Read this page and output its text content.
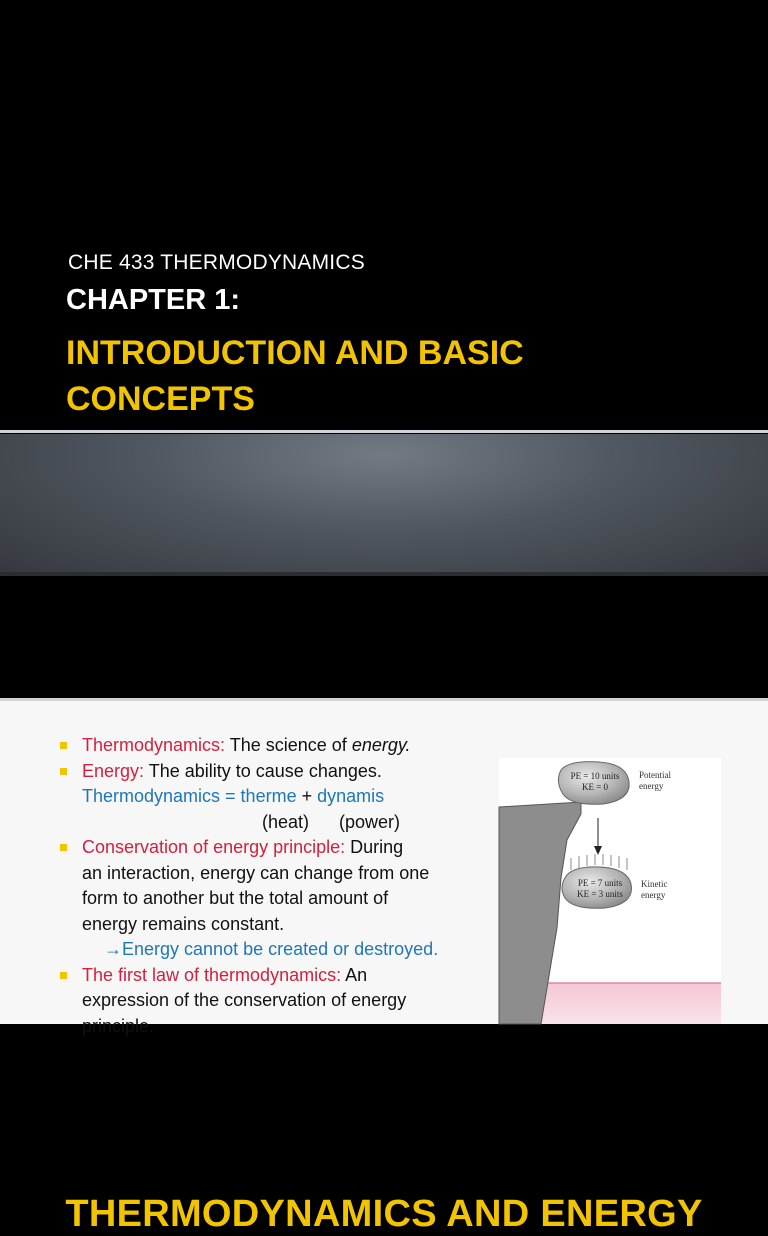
CHE 433 THERMODYNAMICS
CHAPTER 1:
INTRODUCTION AND BASIC
CONCEPTS
THERMODYNAMICS AND ENERGY
Thermodynamics: The science of energy.
Energy: The ability to cause changes.
Thermodynamics = therme + dynamis
(heat)      (power)
Conservation of energy principle: During
an interaction, energy can change from one
form to another but the total amount of
energy remains constant.
→Energy cannot be created or destroyed.
The first law of thermodynamics: An
expression of the conservation of energy
principle.
PE = 10 units
KE = 0
Potential
energy
PE = 7 units
KE = 3 units
Kinetic
energy
